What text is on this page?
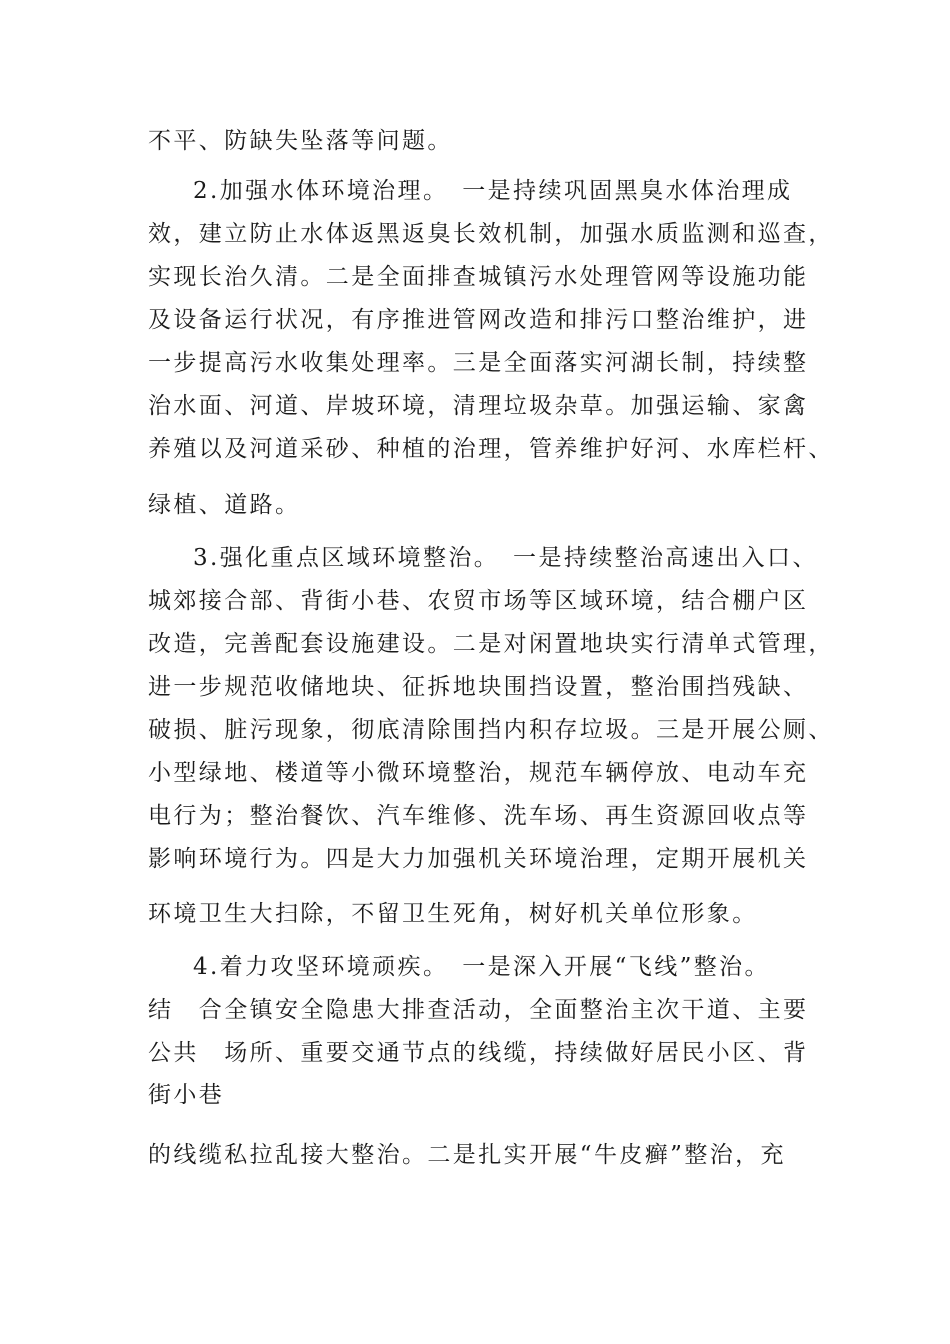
不平、防缺失坠落等问题。
2.加强水体环境治理。　一是持续巩固黑臭水体治理成
效，建立防止水体返黑返臭长效机制，加强水质监测和巡查，
实现长治久清。二是全面排查城镇污水处理管网等设施功能
及设备运行状况，有序推进管网改造和排污口整治维护，进
一步提高污水收集处理率。三是全面落实河湖长制，持续整
治水面、河道、岸坡环境，清理垃圾杂草。加强运输、家禽
养殖以及河道采砂、种植的治理，管养维护好河、水库栏杆、
绿植、道路。
3.强化重点区域环境整治。　一是持续整治高速出入口、
城郊接合部、背街小巷、农贸市场等区域环境，结合棚户区
改造，完善配套设施建设。二是对闲置地块实行清单式管理，
进一步规范收储地块、征拆地块围挡设置，整治围挡残缺、
破损、脏污现象，彻底清除围挡内积存垃圾。三是开展公厕、
小型绿地、楼道等小微环境整治，规范车辆停放、电动车充
电行为；整治餐饮、汽车维修、洗车场、再生资源回收点等
影响环境行为。四是大力加强机关环境治理，定期开展机关
环境卫生大扫除，不留卫生死角，树好机关单位形象。
4.着力攻坚环境顽疾。　一是深入开展“飞线”整治。
结　合全镇安全隐患大排查活动，全面整治主次干道、主要
公共　场所、重要交通节点的线缆，持续做好居民小区、背
街小巷
的线缆私拉乱接大整治。二是扎实开展“牛皮癣”整治，充
